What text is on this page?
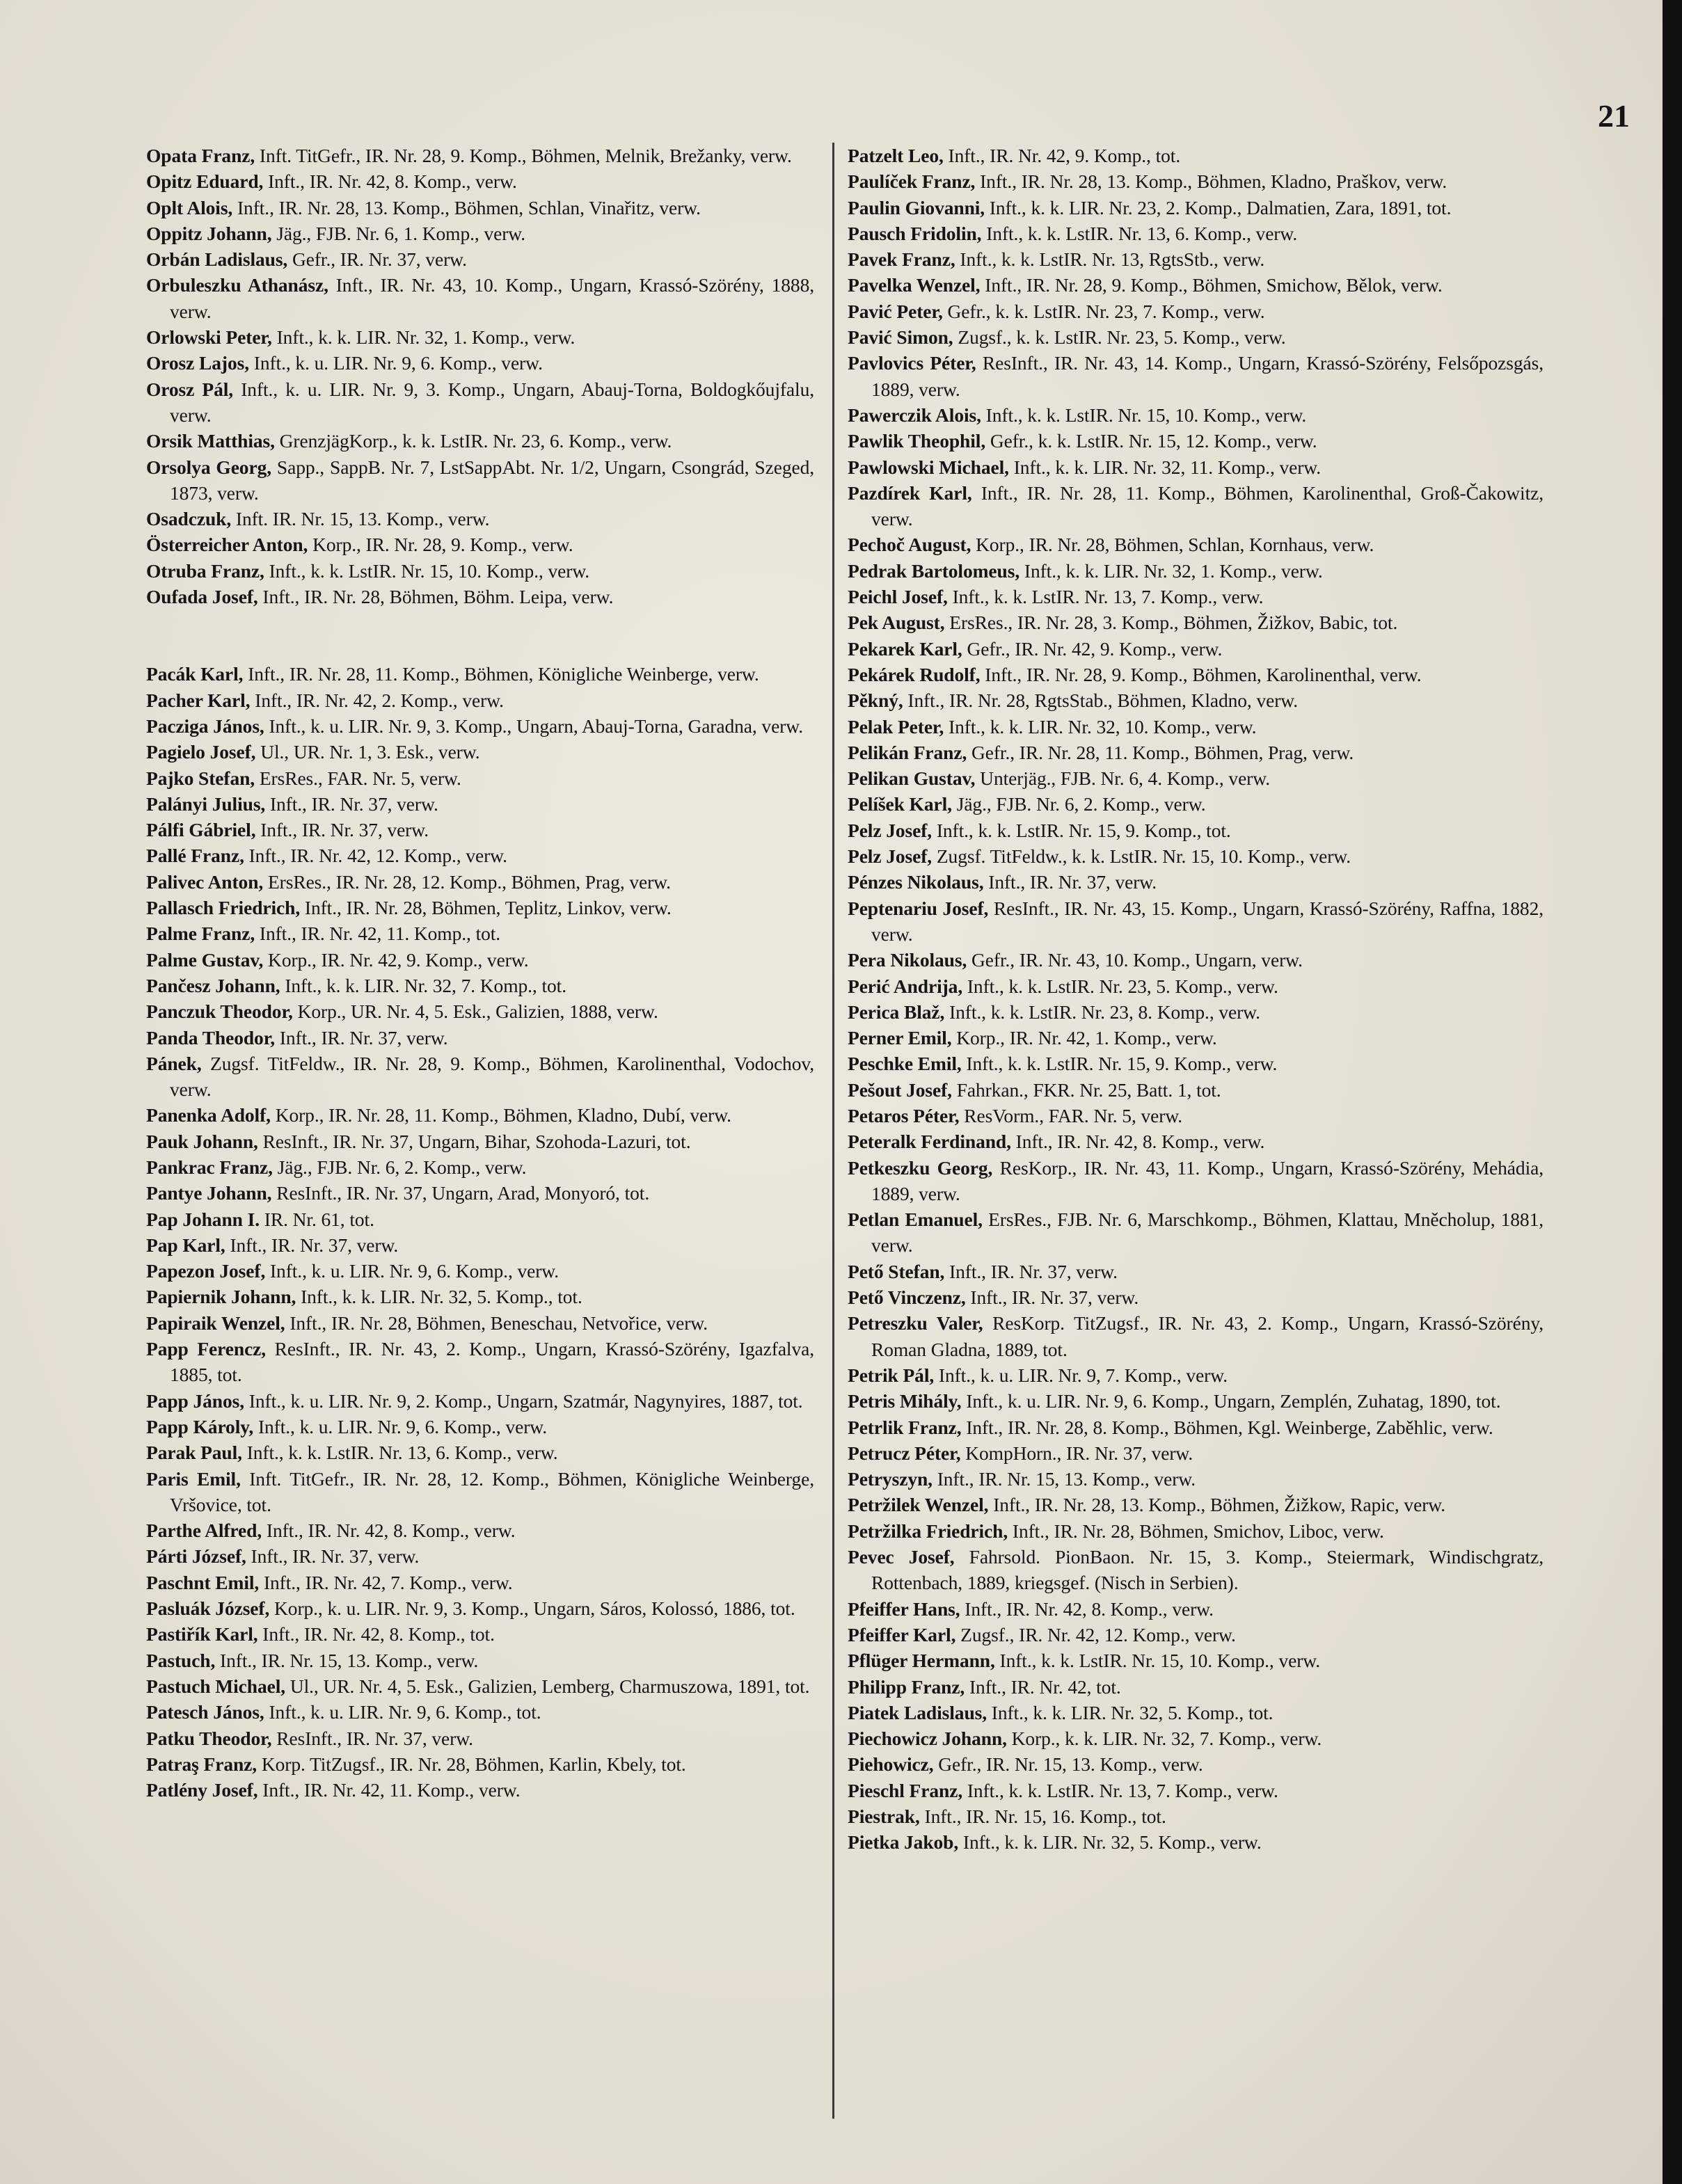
21

Opata Franz, Inft. TitGefr., IR. Nr. 28, 9. Komp., Böhmen, Melnik, Brežanky, verw.

Opitz Eduard, Inft., IR. Nr. 42, 8. Komp., verw.

Oplt Alois, Inft., IR. Nr. 28, 13. Komp., Böhmen, Schlan, Vinařitz, verw.

Oppitz Johann, Jäg., FJB. Nr. 6, 1. Komp., verw.

Orbán Ladislaus, Gefr., IR. Nr. 37, verw.

Orbuleszku Athanász, Inft., IR. Nr. 43, 10. Komp., Ungarn, Krassó-Szörény, 1888, verw.

Orlowski Peter, Inft., k. k. LIR. Nr. 32, 1. Komp., verw.

Orosz Lajos, Inft., k. u. LIR. Nr. 9, 6. Komp., verw.

Orosz Pál, Inft., k. u. LIR. Nr. 9, 3. Komp., Ungarn, Abauj-Torna, Boldogkőujfalu, verw.

Orsik Matthias, GrenzjägKorp., k. k. LstIR. Nr. 23, 6. Komp., verw.

Orsolya Georg, Sapp., SappB. Nr. 7, LstSappAbt. Nr. 1/2, Ungarn, Csongrád, Szeged, 1873, verw.

Osadczuk, Inft. IR. Nr. 15, 13. Komp., verw.

Österreicher Anton, Korp., IR. Nr. 28, 9. Komp., verw.

Otruba Franz, Inft., k. k. LstIR. Nr. 15, 10. Komp., verw.

Oufada Josef, Inft., IR. Nr. 28, Böhmen, Böhm. Leipa, verw.

Pacák Karl, Inft., IR. Nr. 28, 11. Komp., Böhmen, Königliche Weinberge, verw.

Pacher Karl, Inft., IR. Nr. 42, 2. Komp., verw.

Paczigа János, Inft., k. u. LIR. Nr. 9, 3. Komp., Ungarn, Abauj-Torna, Garadna, verw.

Pagielo Josef, Ul., UR. Nr. 1, 3. Esk., verw.

Pajko Stefan, ErsRes., FAR. Nr. 5, verw.

Palányi Julius, Inft., IR. Nr. 37, verw.

Pálfi Gábriel, Inft., IR. Nr. 37, verw.

Pallé Franz, Inft., IR. Nr. 42, 12. Komp., verw.

Palivec Anton, ErsRes., IR. Nr. 28, 12. Komp., Böhmen, Prag, verw.

Pallasch Friedrich, Inft., IR. Nr. 28, Böhmen, Teplitz, Linkov, verw.

Palme Franz, Inft., IR. Nr. 42, 11. Komp., tot.

Palme Gustav, Korp., IR. Nr. 42, 9. Komp., verw.

Pančesz Johann, Inft., k. k. LIR. Nr. 32, 7. Komp., tot.

Panczuk Theodor, Korp., UR. Nr. 4, 5. Esk., Galizien, 1888, verw.

Panda Theodor, Inft., IR. Nr. 37, verw.

Pánek, Zugsf. TitFeldw., IR. Nr. 28, 9. Komp., Böhmen, Karolinenthal, Vodochov, verw.

Panenka Adolf, Korp., IR. Nr. 28, 11. Komp., Böhmen, Kladno, Dubí, verw.

Pauk Johann, ResInft., IR. Nr. 37, Ungarn, Bihar, Szohodа-Lazuri, tot.

Pankrac Franz, Jäg., FJB. Nr. 6, 2. Komp., verw.

Pantye Johann, ResInft., IR. Nr. 37, Ungarn, Arad, Monyoró, tot.

Pap Johann I. IR. Nr. 61, tot.

Pap Karl, Inft., IR. Nr. 37, verw.

Papezon Josef, Inft., k. u. LIR. Nr. 9, 6. Komp., verw.

Papiernik Johann, Inft., k. k. LIR. Nr. 32, 5. Komp., tot.

Papiraik Wenzel, Inft., IR. Nr. 28, Böhmen, Beneschau, Netvořice, verw.

Papp Ferencz, ResInft., IR. Nr. 43, 2. Komp., Ungarn, Krassó-Szörény, Igazfalva, 1885, tot.

Papp János, Inft., k. u. LIR. Nr. 9, 2. Komp., Ungarn, Szatmár, Nagynyires, 1887, tot.

Papp Károly, Inft., k. u. LIR. Nr. 9, 6. Komp., verw.

Parak Paul, Inft., k. k. LstIR. Nr. 13, 6. Komp., verw.

Paris Emil, Inft. TitGefr., IR. Nr. 28, 12. Komp., Böhmen, Königliche Weinberge, Vršovice, tot.

Parthe Alfred, Inft., IR. Nr. 42, 8. Komp., verw.

Párti József, Inft., IR. Nr. 37, verw.

Paschnt Emil, Inft., IR. Nr. 42, 7. Komp., verw.

Pasluák József, Korp., k. u. LIR. Nr. 9, 3. Komp., Ungarn, Sáros, Kolossó, 1886, tot.

Pastiřík Karl, Inft., IR. Nr. 42, 8. Komp., tot.

Pastuch, Inft., IR. Nr. 15, 13. Komp., verw.

Pastuch Michael, Ul., UR. Nr. 4, 5. Esk., Galizien, Lemberg, Charmuszowa, 1891, tot.

Patesch János, Inft., k. u. LIR. Nr. 9, 6. Komp., tot.

Patku Theodor, ResInft., IR. Nr. 37, verw.

Patraş Franz, Korp. TitZugsf., IR. Nr. 28, Böhmen, Karlin, Kbely, tot.

Patlény Josef, Inft., IR. Nr. 42, 11. Komp., verw.

Patzelt Leo, Inft., IR. Nr. 42, 9. Komp., tot.

Paulíček Franz, Inft., IR. Nr. 28, 13. Komp., Böhmen, Kladno, Praškov, verw.

Paulin Giovanni, Inft., k. k. LIR. Nr. 23, 2. Komp., Dalmatien, Zara, 1891, tot.

Pausch Fridolin, Inft., k. k. LstIR. Nr. 13, 6. Komp., verw.

Pavek Franz, Inft., k. k. LstIR. Nr. 13, RgtsStb., verw.

Pavelka Wenzel, Inft., IR. Nr. 28, 9. Komp., Böhmen, Smichow, Bělok, verw.

Pavić Peter, Gefr., k. k. LstIR. Nr. 23, 7. Komp., verw.

Pavić Simon, Zugsf., k. k. LstIR. Nr. 23, 5. Komp., verw.

Pavlovics Péter, ResInft., IR. Nr. 43, 14. Komp., Ungarn, Krassó-Szörény, Felsőpozsgás, 1889, verw.

Pawerczik Alois, Inft., k. k. LstIR. Nr. 15, 10. Komp., verw.

Pawlik Theophil, Gefr., k. k. LstIR. Nr. 15, 12. Komp., verw.

Pawlowski Michael, Inft., k. k. LIR. Nr. 32, 11. Komp., verw.

Pazdírek Karl, Inft., IR. Nr. 28, 11. Komp., Böhmen, Karolinenthal, Groß-Čakowitz, verw.

Pechoč August, Korp., IR. Nr. 28, Böhmen, Schlan, Kornhaus, verw.

Pedrak Bartolomeus, Inft., k. k. LIR. Nr. 32, 1. Komp., verw.

Peichl Josef, Inft., k. k. LstIR. Nr. 13, 7. Komp., verw.

Pek August, ErsRes., IR. Nr. 28, 3. Komp., Böhmen, Žižkov, Babic, tot.

Pekarek Karl, Gefr., IR. Nr. 42, 9. Komp., verw.

Pekárek Rudolf, Inft., IR. Nr. 28, 9. Komp., Böhmen, Karolinenthal, verw.

Pěkný, Inft., IR. Nr. 28, RgtsStab., Böhmen, Kladno, verw.

Pelak Peter, Inft., k. k. LIR. Nr. 32, 10. Komp., verw.

Pelikán Franz, Gefr., IR. Nr. 28, 11. Komp., Böhmen, Prag, verw.

Pelikan Gustav, Unterjäg., FJB. Nr. 6, 4. Komp., verw.

Pelíšek Karl, Jäg., FJB. Nr. 6, 2. Komp., verw.

Pelz Josef, Inft., k. k. LstIR. Nr. 15, 9. Komp., tot.

Pelz Josef, Zugsf. TitFeldw., k. k. LstIR. Nr. 15, 10. Komp., verw.

Pénzes Nikolaus, Inft., IR. Nr. 37, verw.

Peptenariu Josef, ResInft., IR. Nr. 43, 15. Komp., Ungarn, Krassó-Szörény, Raffna, 1882, verw.

Pera Nikolaus, Gefr., IR. Nr. 43, 10. Komp., Ungarn, verw.

Perić Andrija, Inft., k. k. LstIR. Nr. 23, 5. Komp., verw.

Perica Blaž, Inft., k. k. LstIR. Nr. 23, 8. Komp., verw.

Perner Emil, Korp., IR. Nr. 42, 1. Komp., verw.

Peschke Emil, Inft., k. k. LstIR. Nr. 15, 9. Komp., verw.

Pešout Josef, Fahrkan., FKR. Nr. 25, Batt. 1, tot.

Petaros Péter, ResVorm., FAR. Nr. 5, verw.

Peteralk Ferdinand, Inft., IR. Nr. 42, 8. Komp., verw.

Petkeszku Georg, ResKorp., IR. Nr. 43, 11. Komp., Ungarn, Krassó-Szörény, Mehádia, 1889, verw.

Petlan Emanuel, ErsRes., FJB. Nr. 6, Marschkomp., Böhmen, Klattau, Mněcholup, 1881, verw.

Pető Stefan, Inft., IR. Nr. 37, verw.

Pető Vinczenz, Inft., IR. Nr. 37, verw.

Petreszku Valer, ResKorp. TitZugsf., IR. Nr. 43, 2. Komp., Ungarn, Krassó-Szörény, Roman Gladna, 1889, tot.

Petrik Pál, Inft., k. u. LIR. Nr. 9, 7. Komp., verw.

Petris Mihály, Inft., k. u. LIR. Nr. 9, 6. Komp., Ungarn, Zemplén, Zuhatag, 1890, tot.

Petrlik Franz, Inft., IR. Nr. 28, 8. Komp., Böhmen, Kgl. Weinberge, Zaběhlic, verw.

Petrucz Péter, KompHorn., IR. Nr. 37, verw.

Petryszyn, Inft., IR. Nr. 15, 13. Komp., verw.

Petržilek Wenzel, Inft., IR. Nr. 28, 13. Komp., Böhmen, Žižkow, Rapic, verw.

Petržilka Friedrich, Inft., IR. Nr. 28, Böhmen, Smichov, Liboc, verw.

Pevec Josef, Fahrsold. PionBaon. Nr. 15, 3. Komp., Steiermark, Windischgratz, Rottenbach, 1889, kriegsgef. (Nisch in Serbien).

Pfeiffer Hans, Inft., IR. Nr. 42, 8. Komp., verw.

Pfeiffer Karl, Zugsf., IR. Nr. 42, 12. Komp., verw.

Pflüger Hermann, Inft., k. k. LstIR. Nr. 15, 10. Komp., verw.

Philipp Franz, Inft., IR. Nr. 42, tot.

Piatek Ladislaus, Inft., k. k. LIR. Nr. 32, 5. Komp., tot.

Piechowicz Johann, Korp., k. k. LIR. Nr. 32, 7. Komp., verw.

Piehowicz, Gefr., IR. Nr. 15, 13. Komp., verw.

Pieschl Franz, Inft., k. k. LstIR. Nr. 13, 7. Komp., verw.

Piestrak, Inft., IR. Nr. 15, 16. Komp., tot.

Pietka Jakob, Inft., k. k. LIR. Nr. 32, 5. Komp., verw.
